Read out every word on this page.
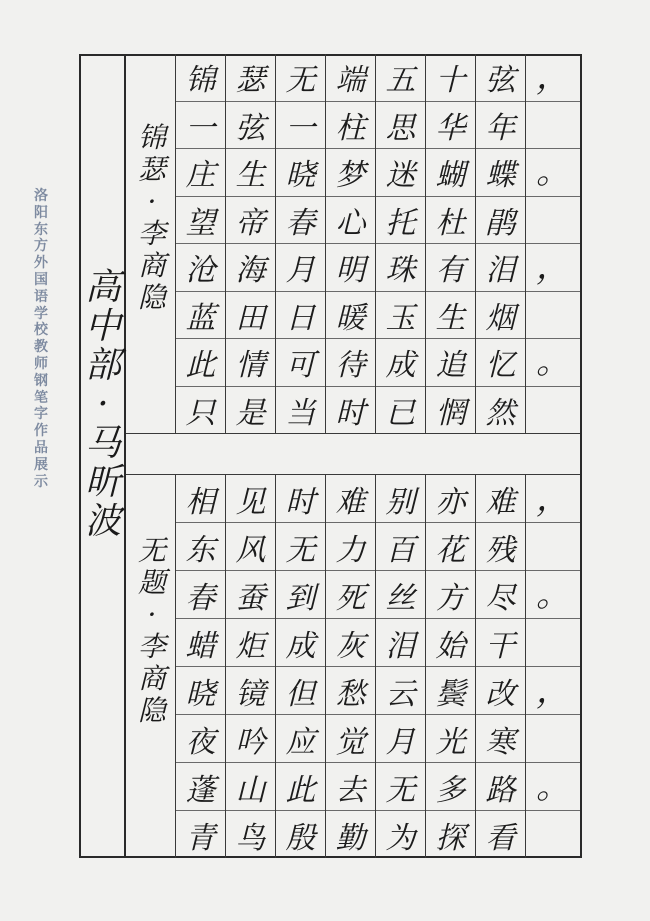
洛
阳
东
方
外
国
语
学
校
教
师
钢
笔
字
作
品
展
示
高
中
部
·
马
昕
波
锦
瑟
·
李
商
隐
锦
一
庄
望
沧
蓝
此
只
瑟
弦
生
帝
海
田
情
是
无
一
晓
春
月
日
可
当
端
柱
梦
心
明
暖
待
时
五
思
迷
托
珠
玉
成
已
十
华
蝴
杜
有
生
追
惘
弦
年
蝶
鹃
泪
烟
忆
然
，
。
，
。
无
题
·
李
商
隐
相
东
春
蜡
晓
夜
蓬
青
见
风
蚕
炬
镜
吟
山
鸟
时
无
到
成
但
应
此
殷
难
力
死
灰
愁
觉
去
勤
别
百
丝
泪
云
月
无
为
亦
花
方
始
鬓
光
多
探
难
残
尽
干
改
寒
路
看
，
。
，
。
